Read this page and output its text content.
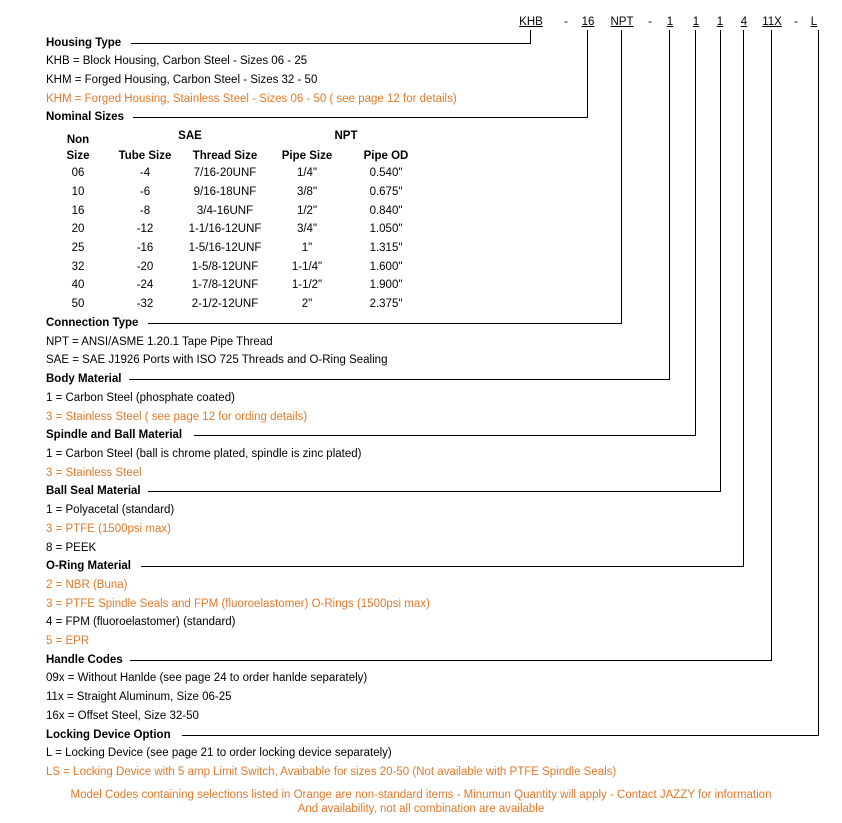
KHB -	16	NPT	- 1 1 1 4 11X - L
Housing Type
KHB = Block Housing, Carbon Steel - Sizes 06 - 25
KHM = Forged Housing, Carbon Steel - Sizes 32 - 50
KHM = Forged Housing, Stainless Steel - Sizes 06 - 50 ( see page 12 for details)
Nominal Sizes
Non	SAE	NPT
Size	Tube Size	Thread Size	Pipe Size	Pipe OD
06	-4	7/16-20UNF	1/4"	0.540"
10	-6	9/16-18UNF	3/8"	0.675"
16	-8	3/4-16UNF	1/2"	0.840"
20	-12	1-1/16-12UNF	3/4"	1.050"
25	-16	1-5/16-12UNF	1"	1.315"
32	-20	1-5/8-12UNF	1-1/4"	1.600"
40	-24	1-7/8-12UNF	1-1/2"	1.900"
50	-32	2-1/2-12UNF	2"	2.375"
Connection Type
NPT = ANSI/ASME 1.20.1 Tape Pipe Thread
SAE = SAE J1926 Ports with ISO 725 Threads and O-Ring Sealing
Body Material
1 = Carbon Steel (phosphate coated)
3 = Stainless Steel ( see page 12 for ording details)
Spindle and Ball Material
1 = Carbon Steel (ball is chrome plated, spindle is zinc plated)
3 = Stainless Steel
Ball Seal Material
1 = Polyacetal (standard)
3 = PTFE (1500psi max)
8 = PEEK
O-Ring Material
2 = NBR (Buna)
3 = PTFE Spindle Seals and FPM (fluoroelastomer) O-Rings (1500psi max)
4 = FPM (fluoroelastomer) (standard)
5 = EPR
Handle Codes
09x = Without Hanlde (see page 24 to order hanlde separately)
11x = Straight Aluminum, Size 06-25
16x = Offset Steel, Size 32-50
Locking Device Option
L = Locking Device (see page 21 to order locking device separately)
LS = Locking Device with 5 amp Limit Switch, Avaibable for sizes 20-50 (Not available with PTFE Spindle Seals)
Model Codes containing selections listed in Orange are non-standard items - Minumun Quantity will apply - Contact JAZZY for information
And availability, not all combination are available
